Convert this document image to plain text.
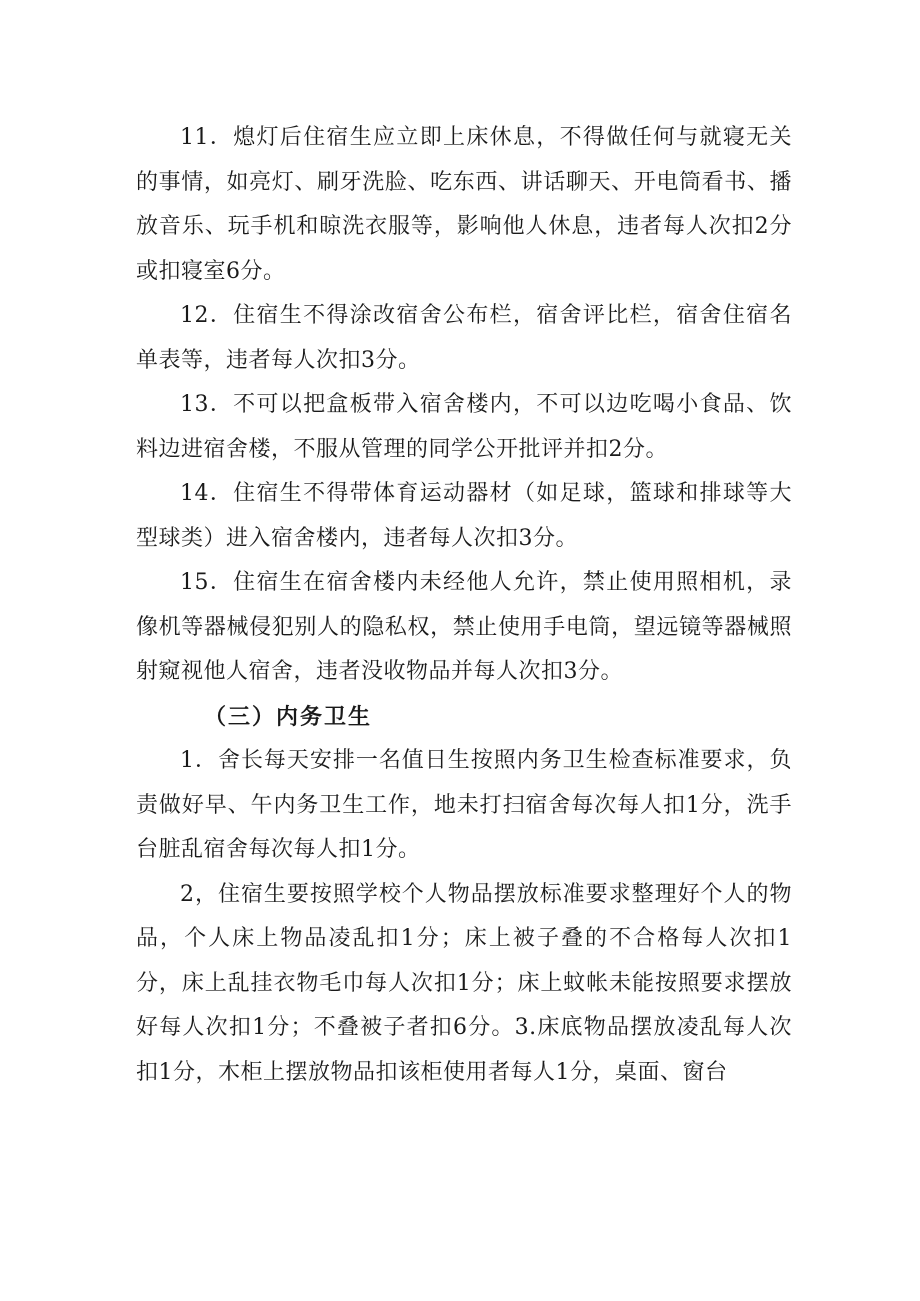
11．熄灯后住宿生应立即上床休息，不得做任何与就寝无关的事情，如亮灯、刷牙洗脸、吃东西、讲话聊天、开电筒看书、播放音乐、玩手机和晾洗衣服等，影响他人休息，违者每人次扣2分或扣寝室6分。

12．住宿生不得涂改宿舍公布栏，宿舍评比栏，宿舍住宿名单表等，违者每人次扣3分。

13．不可以把盒板带入宿舍楼内，不可以边吃喝小食品、饮料边进宿舍楼，不服从管理的同学公开批评并扣2分。

14．住宿生不得带体育运动器材（如足球，篮球和排球等大型球类）进入宿舍楼内，违者每人次扣3分。

15．住宿生在宿舍楼内未经他人允许，禁止使用照相机，录像机等器械侵犯别人的隐私权，禁止使用手电筒，望远镜等器械照射窥视他人宿舍，违者没收物品并每人次扣3分。

（三）内务卫生

1．舍长每天安排一名值日生按照内务卫生检查标准要求，负责做好早、午内务卫生工作，地未打扫宿舍每次每人扣1分，洗手台脏乱宿舍每次每人扣1分。

2，住宿生要按照学校个人物品摆放标准要求整理好个人的物品，个人床上物品凌乱扣1分；床上被子叠的不合格每人次扣1分，床上乱挂衣物毛巾每人次扣1分；床上蚊帐未能按照要求摆放好每人次扣1分；不叠被子者扣6分。3.床底物品摆放凌乱每人次扣1分，木柜上摆放物品扣该柜使用者每人1分，桌面、窗台
